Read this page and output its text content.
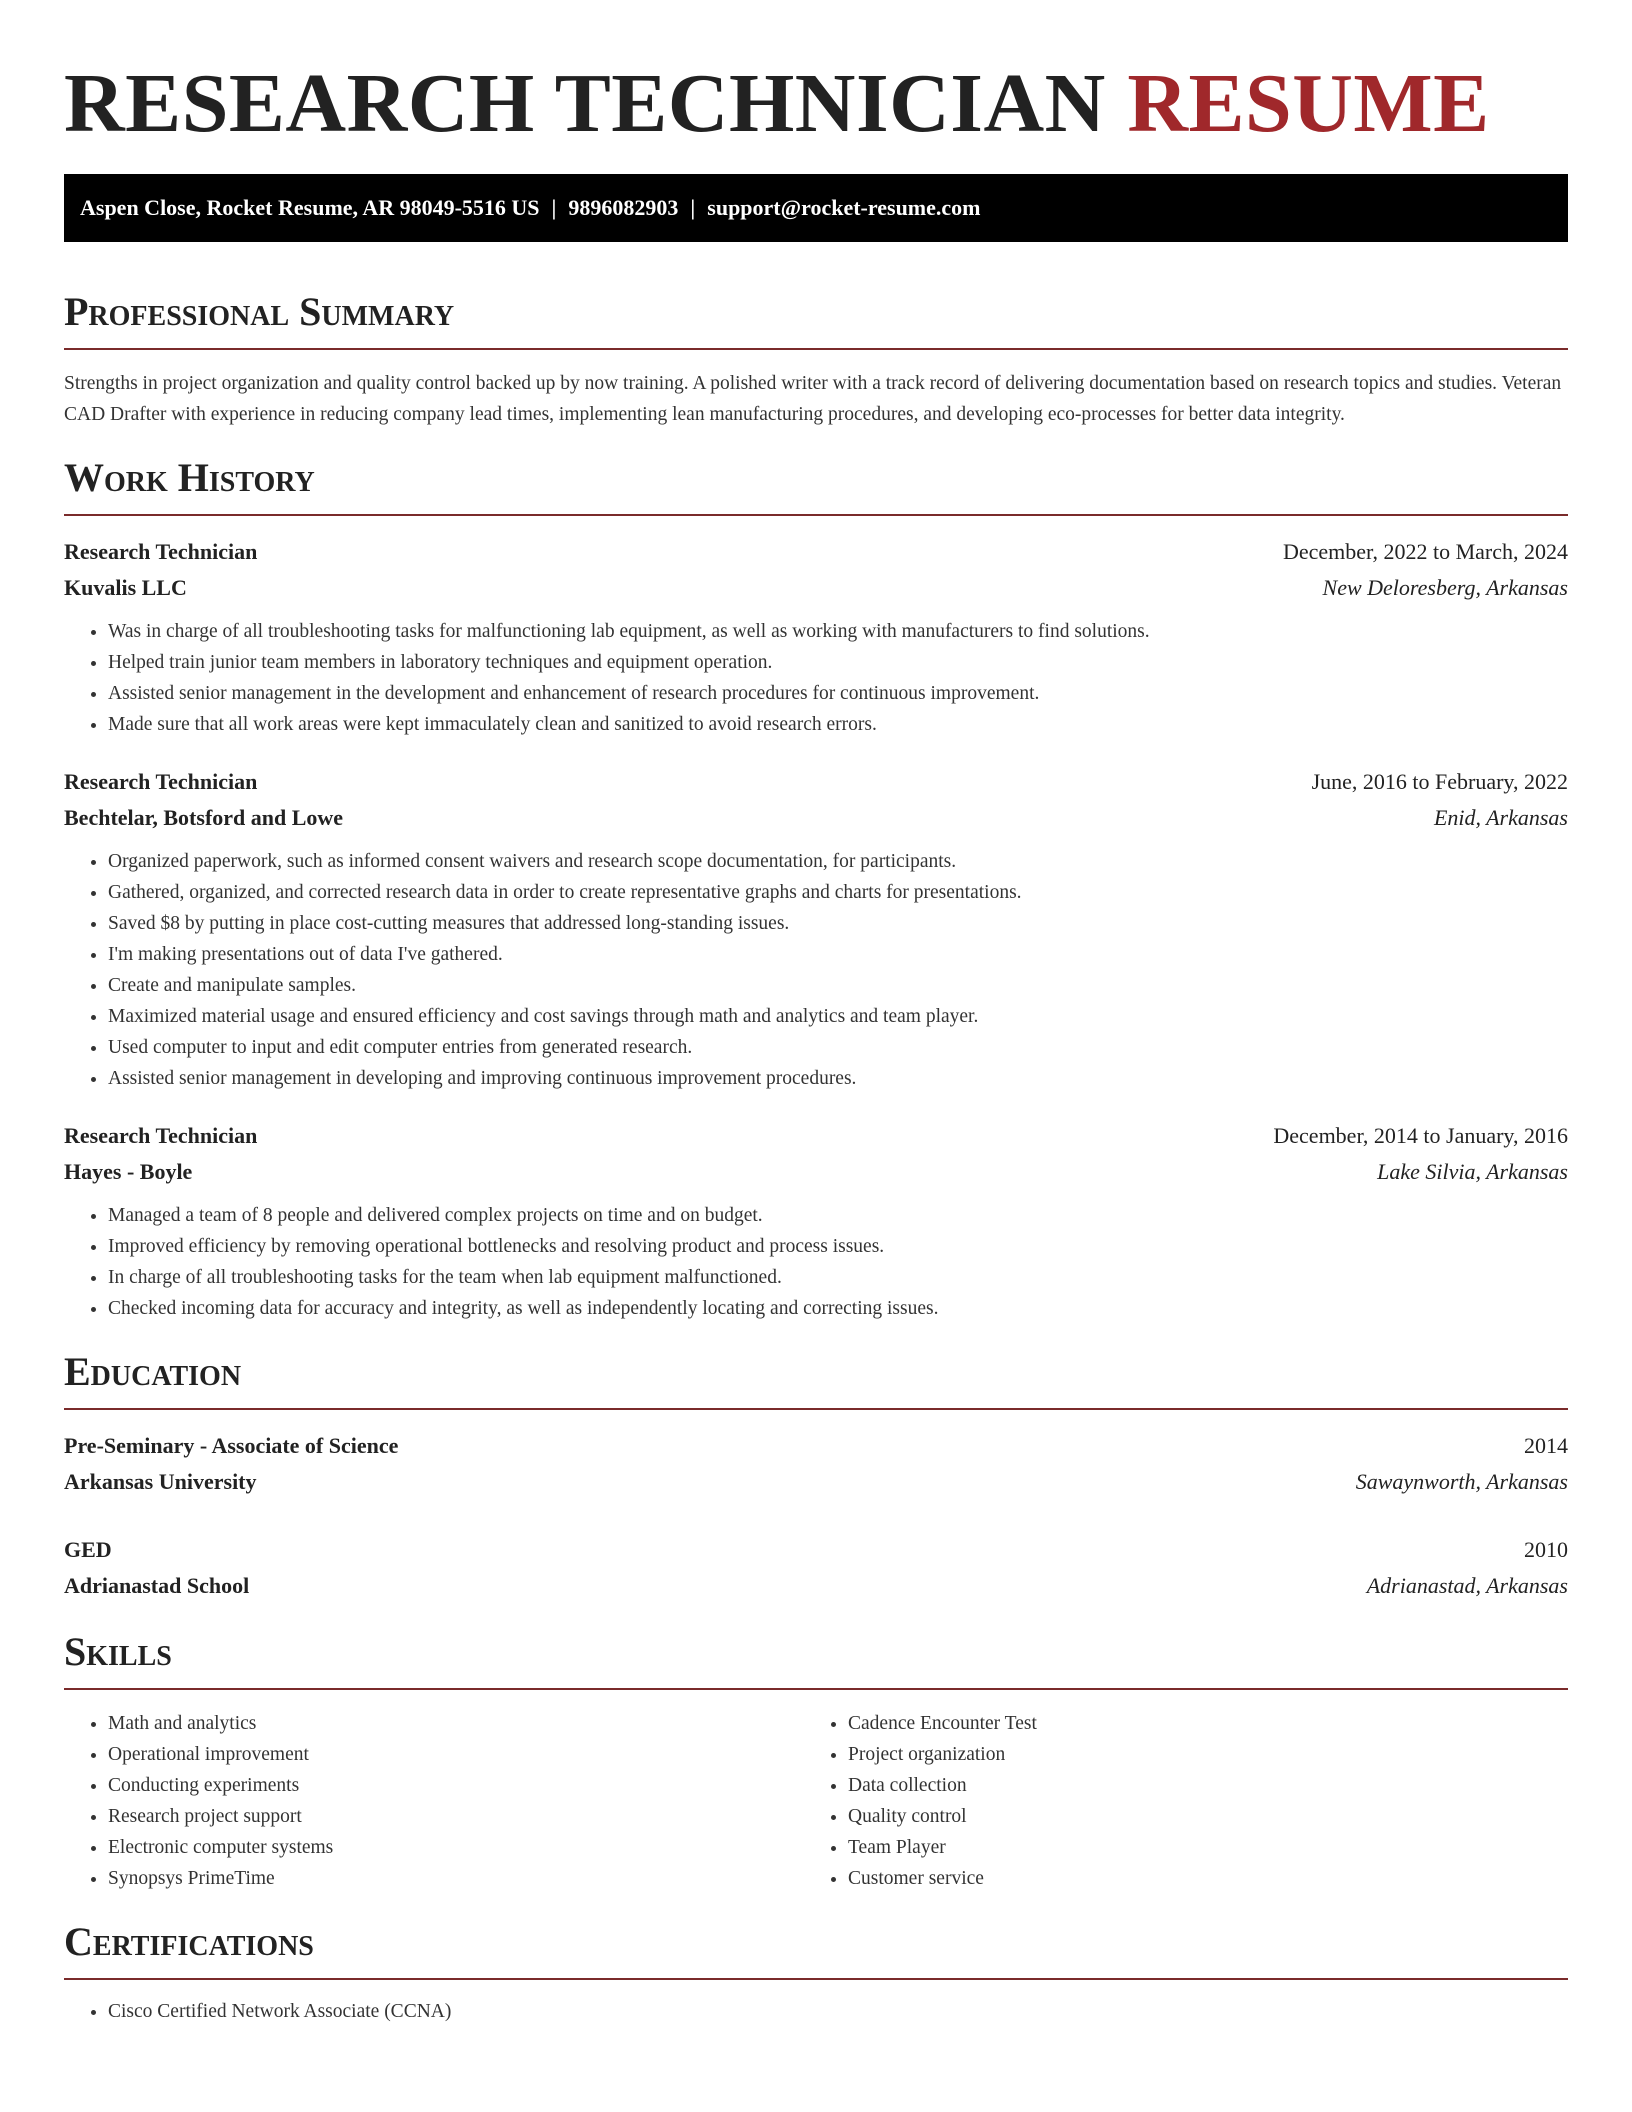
RESEARCH TECHNICIAN RESUME
Aspen Close, Rocket Resume, AR 98049-5516 US | 9896082903 | support@rocket-resume.com
Professional Summary
Strengths in project organization and quality control backed up by now training. A polished writer with a track record of delivering documentation based on research topics and studies. Veteran CAD Drafter with experience in reducing company lead times, implementing lean manufacturing procedures, and developing eco-processes for better data integrity.
Work History
Research Technician	December, 2022 to March, 2024
Kuvalis LLC	New Deloresberg, Arkansas
• Was in charge of all troubleshooting tasks for malfunctioning lab equipment, as well as working with manufacturers to find solutions.
• Helped train junior team members in laboratory techniques and equipment operation.
• Assisted senior management in the development and enhancement of research procedures for continuous improvement.
• Made sure that all work areas were kept immaculately clean and sanitized to avoid research errors.
Research Technician	June, 2016 to February, 2022
Bechtelar, Botsford and Lowe	Enid, Arkansas
• Organized paperwork, such as informed consent waivers and research scope documentation, for participants.
• Gathered, organized, and corrected research data in order to create representative graphs and charts for presentations.
• Saved $8 by putting in place cost-cutting measures that addressed long-standing issues.
• I'm making presentations out of data I've gathered.
• Create and manipulate samples.
• Maximized material usage and ensured efficiency and cost savings through math and analytics and team player.
• Used computer to input and edit computer entries from generated research.
• Assisted senior management in developing and improving continuous improvement procedures.
Research Technician	December, 2014 to January, 2016
Hayes - Boyle	Lake Silvia, Arkansas
• Managed a team of 8 people and delivered complex projects on time and on budget.
• Improved efficiency by removing operational bottlenecks and resolving product and process issues.
• In charge of all troubleshooting tasks for the team when lab equipment malfunctioned.
• Checked incoming data for accuracy and integrity, as well as independently locating and correcting issues.
Education
Pre-Seminary - Associate of Science	2014
Arkansas University	Sawaynworth, Arkansas
GED	2010
Adrianastad School	Adrianastad, Arkansas
Skills
• Math and analytics
• Operational improvement
• Conducting experiments
• Research project support
• Electronic computer systems
• Synopsys PrimeTime
• Cadence Encounter Test
• Project organization
• Data collection
• Quality control
• Team Player
• Customer service
Certifications
• Cisco Certified Network Associate (CCNA)
